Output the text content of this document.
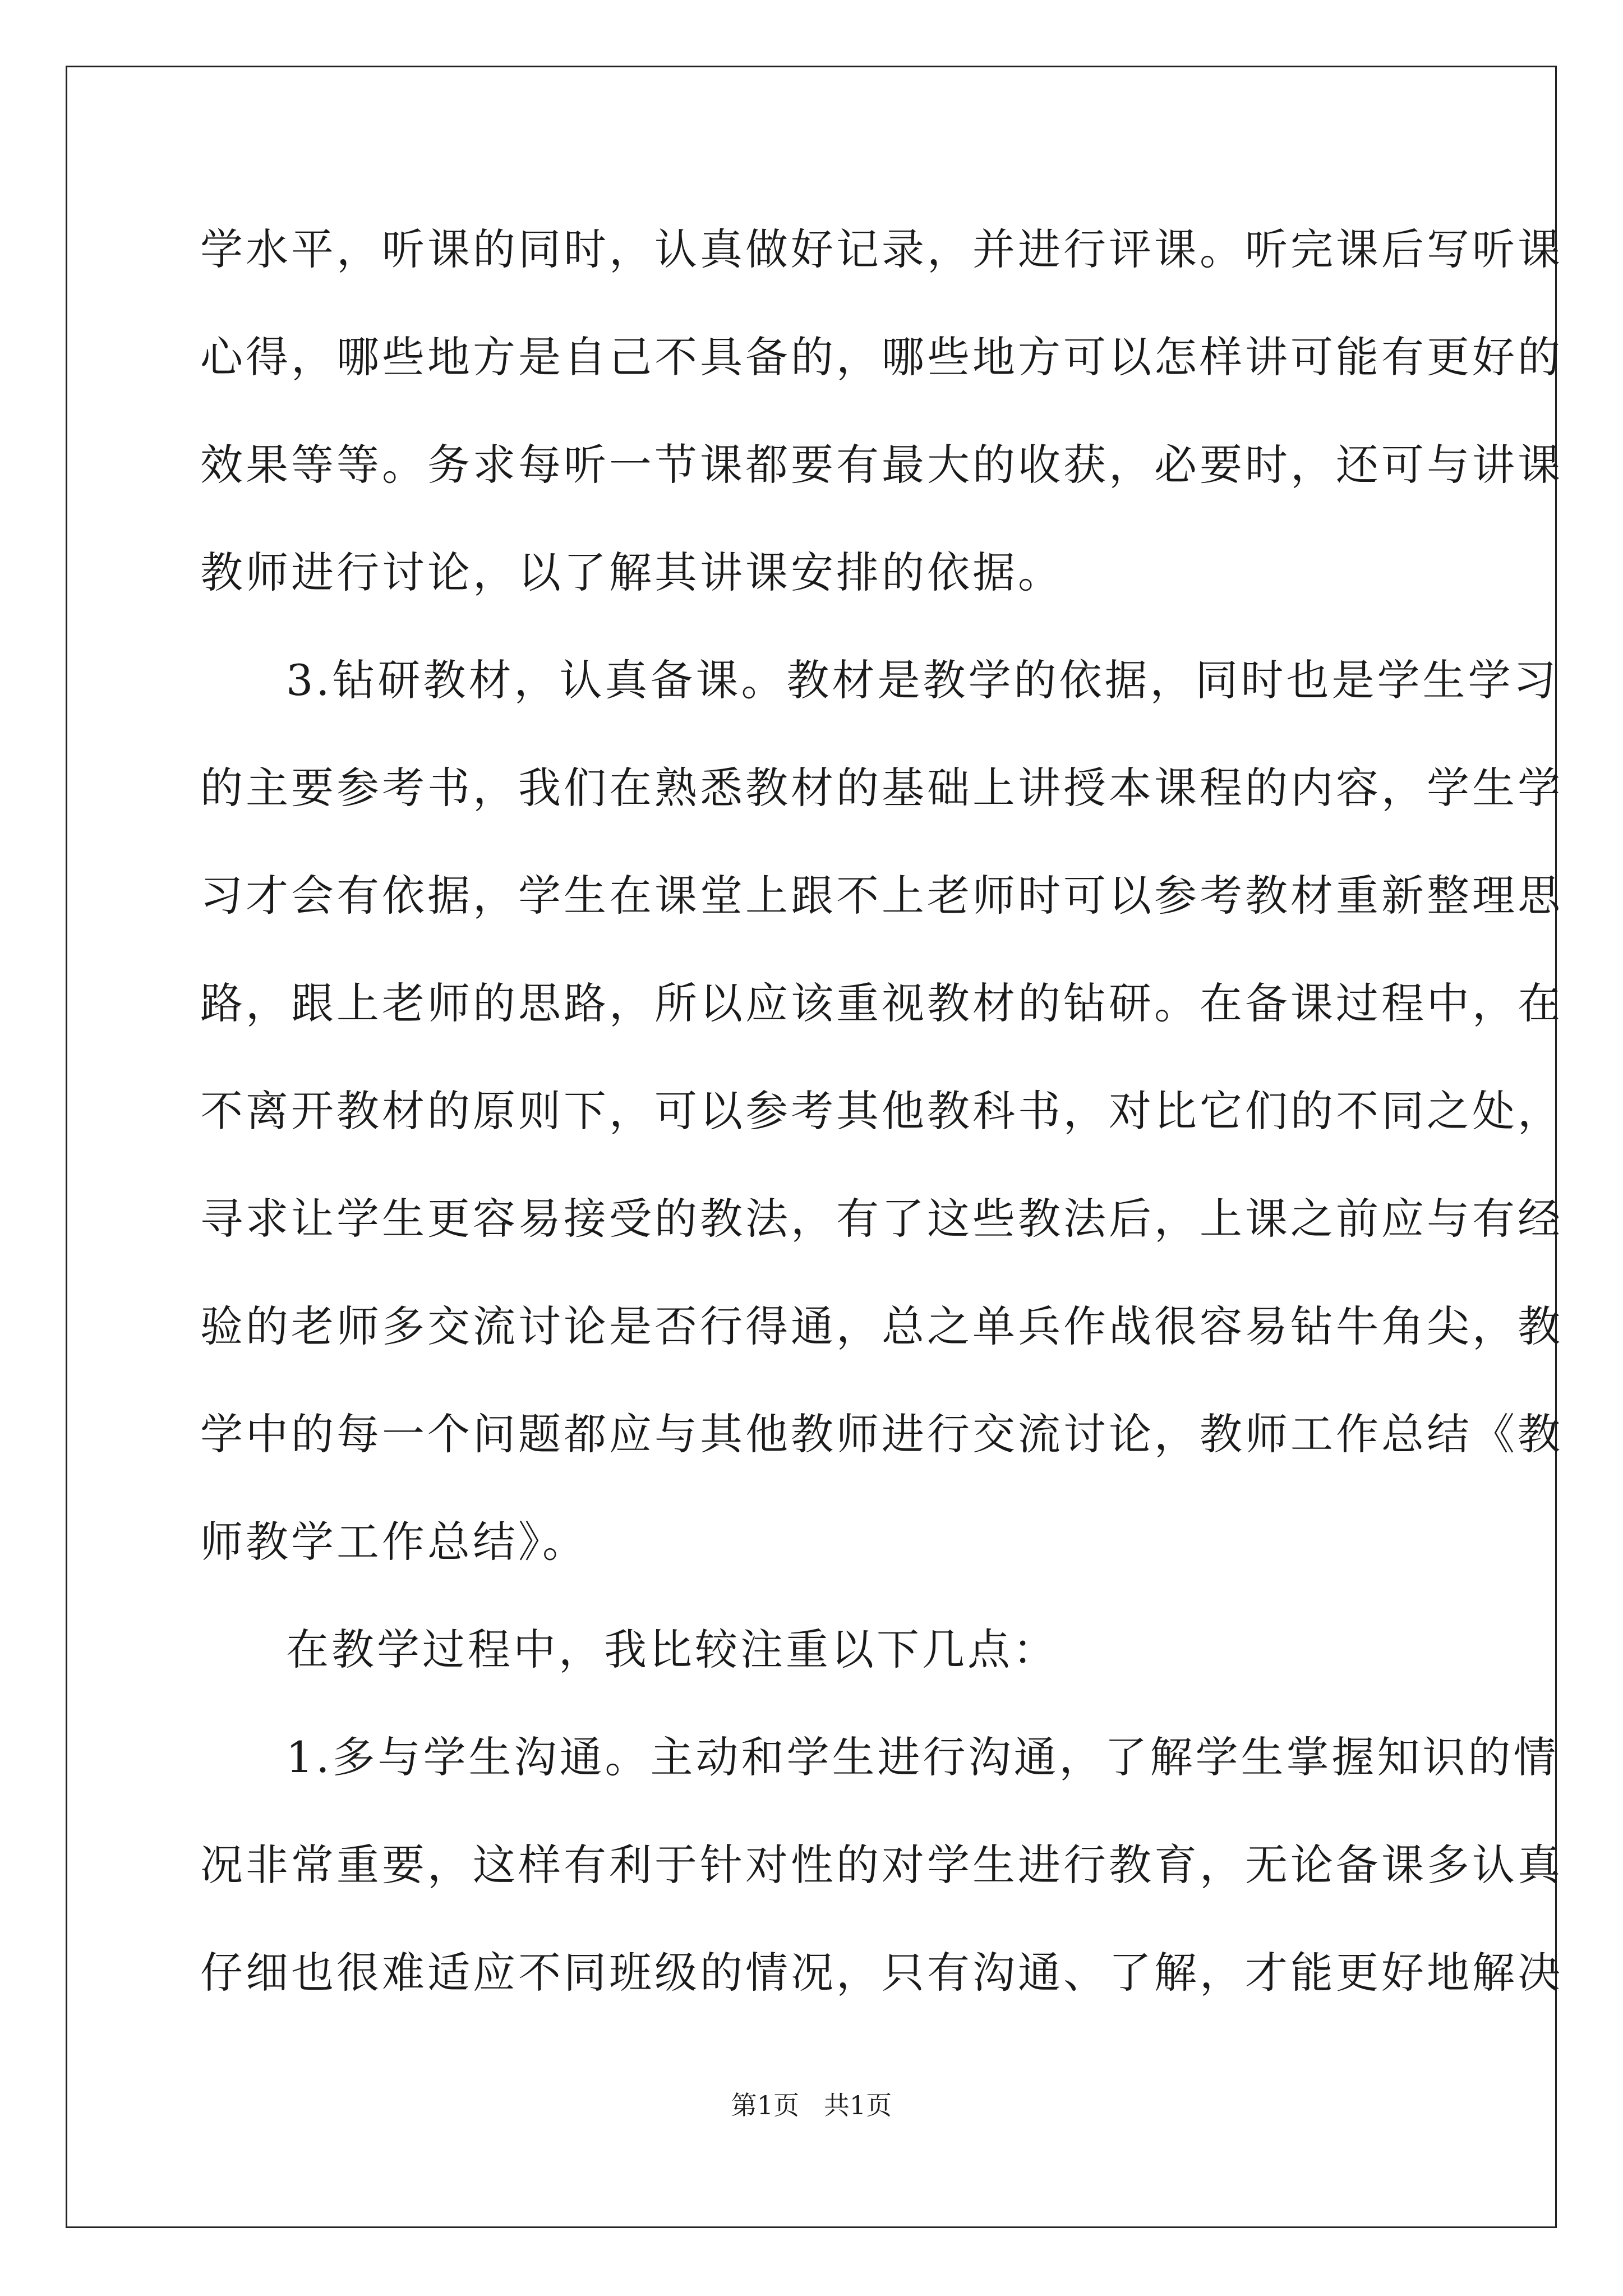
学水平，听课的同时，认真做好记录，并进行评课。听完课后写听课
心得，哪些地方是自己不具备的，哪些地方可以怎样讲可能有更好的
效果等等。务求每听一节课都要有最大的收获，必要时，还可与讲课
教师进行讨论，以了解其讲课安排的依据。
3.钻研教材，认真备课。教材是教学的依据，同时也是学生学习
的主要参考书，我们在熟悉教材的基础上讲授本课程的内容，学生学
习才会有依据，学生在课堂上跟不上老师时可以参考教材重新整理思
路，跟上老师的思路，所以应该重视教材的钻研。在备课过程中，在
不离开教材的原则下，可以参考其他教科书，对比它们的不同之处，
寻求让学生更容易接受的教法，有了这些教法后，上课之前应与有经
验的老师多交流讨论是否行得通，总之单兵作战很容易钻牛角尖，教
学中的每一个问题都应与其他教师进行交流讨论，教师工作总结《教
师教学工作总结》。
在教学过程中，我比较注重以下几点：
1.多与学生沟通。主动和学生进行沟通，了解学生掌握知识的情
况非常重要，这样有利于针对性的对学生进行教育，无论备课多认真
仔细也很难适应不同班级的情况，只有沟通、了解，才能更好地解决
第1页   共1页
